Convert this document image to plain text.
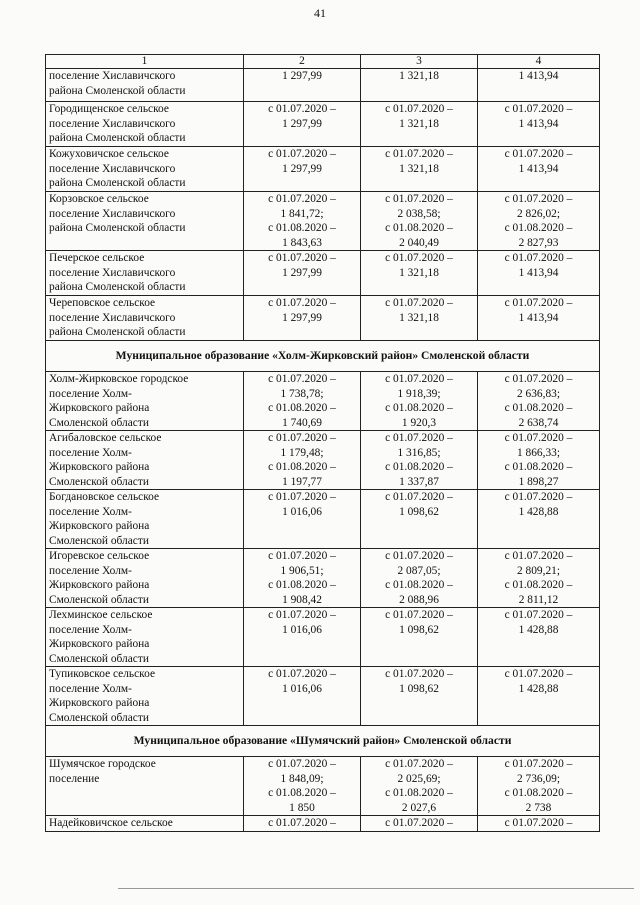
41
1	2	3	4

поселение Хиславичского
района Смоленской области	1 297,99	1 321,18	1 413,94

Городищенское сельское
поселение Хиславичского
района Смоленской области	с 01.07.2020 –
1 297,99	с 01.07.2020 –
1 321,18	с 01.07.2020 –
1 413,94

Кожуховичское сельское
поселение Хиславичского
района Смоленской области	с 01.07.2020 –
1 297,99	с 01.07.2020 –
1 321,18	с 01.07.2020 –
1 413,94

Корзовское сельское
поселение Хиславичского
района Смоленской области	с 01.07.2020 –
1 841,72;
с 01.08.2020 –
1 843,63	с 01.07.2020 –
2 038,58;
с 01.08.2020 –
2 040,49	с 01.07.2020 –
2 826,02;
с 01.08.2020 –
2 827,93

Печерское сельское
поселение Хиславичского
района Смоленской области	с 01.07.2020 –
1 297,99	с 01.07.2020 –
1 321,18	с 01.07.2020 –
1 413,94

Череповское сельское
поселение Хиславичского
района Смоленской области	с 01.07.2020 –
1 297,99	с 01.07.2020 –
1 321,18	с 01.07.2020 –
1 413,94

Муниципальное образование «Холм-Жирковский район» Смоленской области			

Холм-Жирковское городское
поселение Холм-
Жирковского района
Смоленской области	с 01.07.2020 –
1 738,78;
с 01.08.2020 –
1 740,69	с 01.07.2020 –
1 918,39;
с 01.08.2020 –
1 920,3	с 01.07.2020 –
2 636,83;
с 01.08.2020 –
2 638,74

Агибаловское сельское
поселение Холм-
Жирковского района
Смоленской области	с 01.07.2020 –
1 179,48;
с 01.08.2020 –
1 197,77	с 01.07.2020 –
1 316,85;
с 01.08.2020 –
1 337,87	с 01.07.2020 –
1 866,33;
с 01.08.2020 –
1 898,27

Богдановское сельское
поселение Холм-
Жирковского района
Смоленской области	с 01.07.2020 –
1 016,06	с 01.07.2020 –
1 098,62	с 01.07.2020 –
1 428,88

Игоревское сельское
поселение Холм-
Жирковского района
Смоленской области	с 01.07.2020 –
1 906,51;
с 01.08.2020 –
1 908,42	с 01.07.2020 –
2 087,05;
с 01.08.2020 –
2 088,96	с 01.07.2020 –
2 809,21;
с 01.08.2020 –
2 811,12

Лехминское сельское
поселение Холм-
Жирковского района
Смоленской области	с 01.07.2020 –
1 016,06	с 01.07.2020 –
1 098,62	с 01.07.2020 –
1 428,88

Тупиковское сельское
поселение Холм-
Жирковского района
Смоленской области	с 01.07.2020 –
1 016,06	с 01.07.2020 –
1 098,62	с 01.07.2020 –
1 428,88

Муниципальное образование «Шумячский район» Смоленской области			

Шумячское городское
поселение	с 01.07.2020 –
1 848,09;
с 01.08.2020 –
1 850	с 01.07.2020 –
2 025,69;
с 01.08.2020 –
2 027,6	с 01.07.2020 –
2 736,09;
с 01.08.2020 –
2 738

Надейковичское сельское	с 01.07.2020 –	с 01.07.2020 –	с 01.07.2020 –
